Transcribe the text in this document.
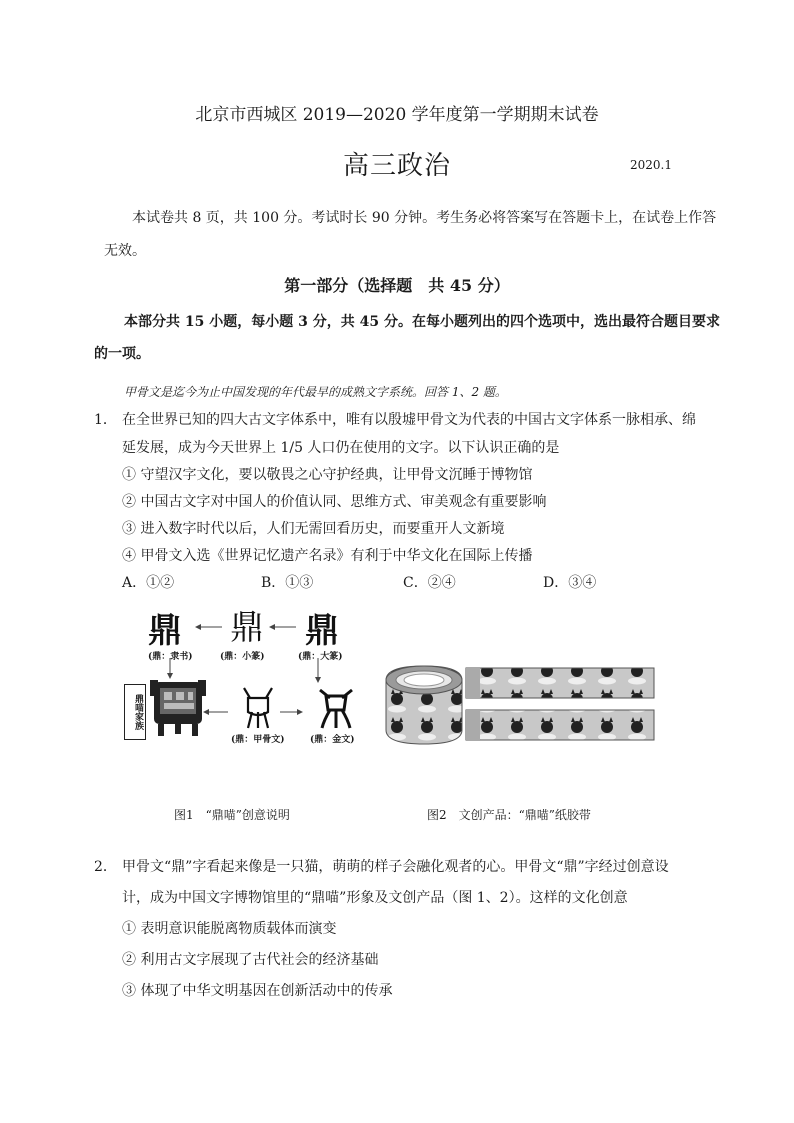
北京市西城区 2019—2020 学年度第一学期期末试卷
高三政治	2020.1
本试卷共 8 页，共 100 分。考试时长 90 分钟。考生务必将答案写在答题卡上，在试卷上作答
无效。
第一部分（选择题　共 45 分）
本部分共 15 小题，每小题 3 分，共 45 分。在每小题列出的四个选项中，选出最符合题目要求
的一项。
甲骨文是迄今为止中国发现的年代最早的成熟文字系统。回答 1、2 题。
1． 在全世界已知的四大古文字体系中，唯有以殷墟甲骨文为代表的中国古文字体系一脉相承、绵
延发展，成为今天世界上 1/5 人口仍在使用的文字。以下认识正确的是
① 守望汉字文化，要以敬畏之心守护经典，让甲骨文沉睡于博物馆
② 中国古文字对中国人的价值认同、思维方式、审美观念有重要影响
③ 进入数字时代以后，人们无需回看历史，而要重开人文新境
④ 甲骨文入选《世界记忆遗产名录》有利于中华文化在国际上传播
A．①②	B．①③	C．②④	D．③④
鼎 鼎 鼎
(鼎：隶书)	(鼎：小篆)	(鼎：大篆)
鼎喵家族
(鼎：甲骨文)	(鼎：金文)
图1　“鼎喵”创意说明	图2　文创产品：“鼎喵”纸胶带
2． 甲骨文“鼎”字看起来像是一只猫，萌萌的样子会融化观者的心。甲骨文“鼎”字经过创意设
计，成为中国文字博物馆里的“鼎喵”形象及文创产品（图 1、2）。这样的文化创意
① 表明意识能脱离物质载体而演变
② 利用古文字展现了古代社会的经济基础
③ 体现了中华文明基因在创新活动中的传承
